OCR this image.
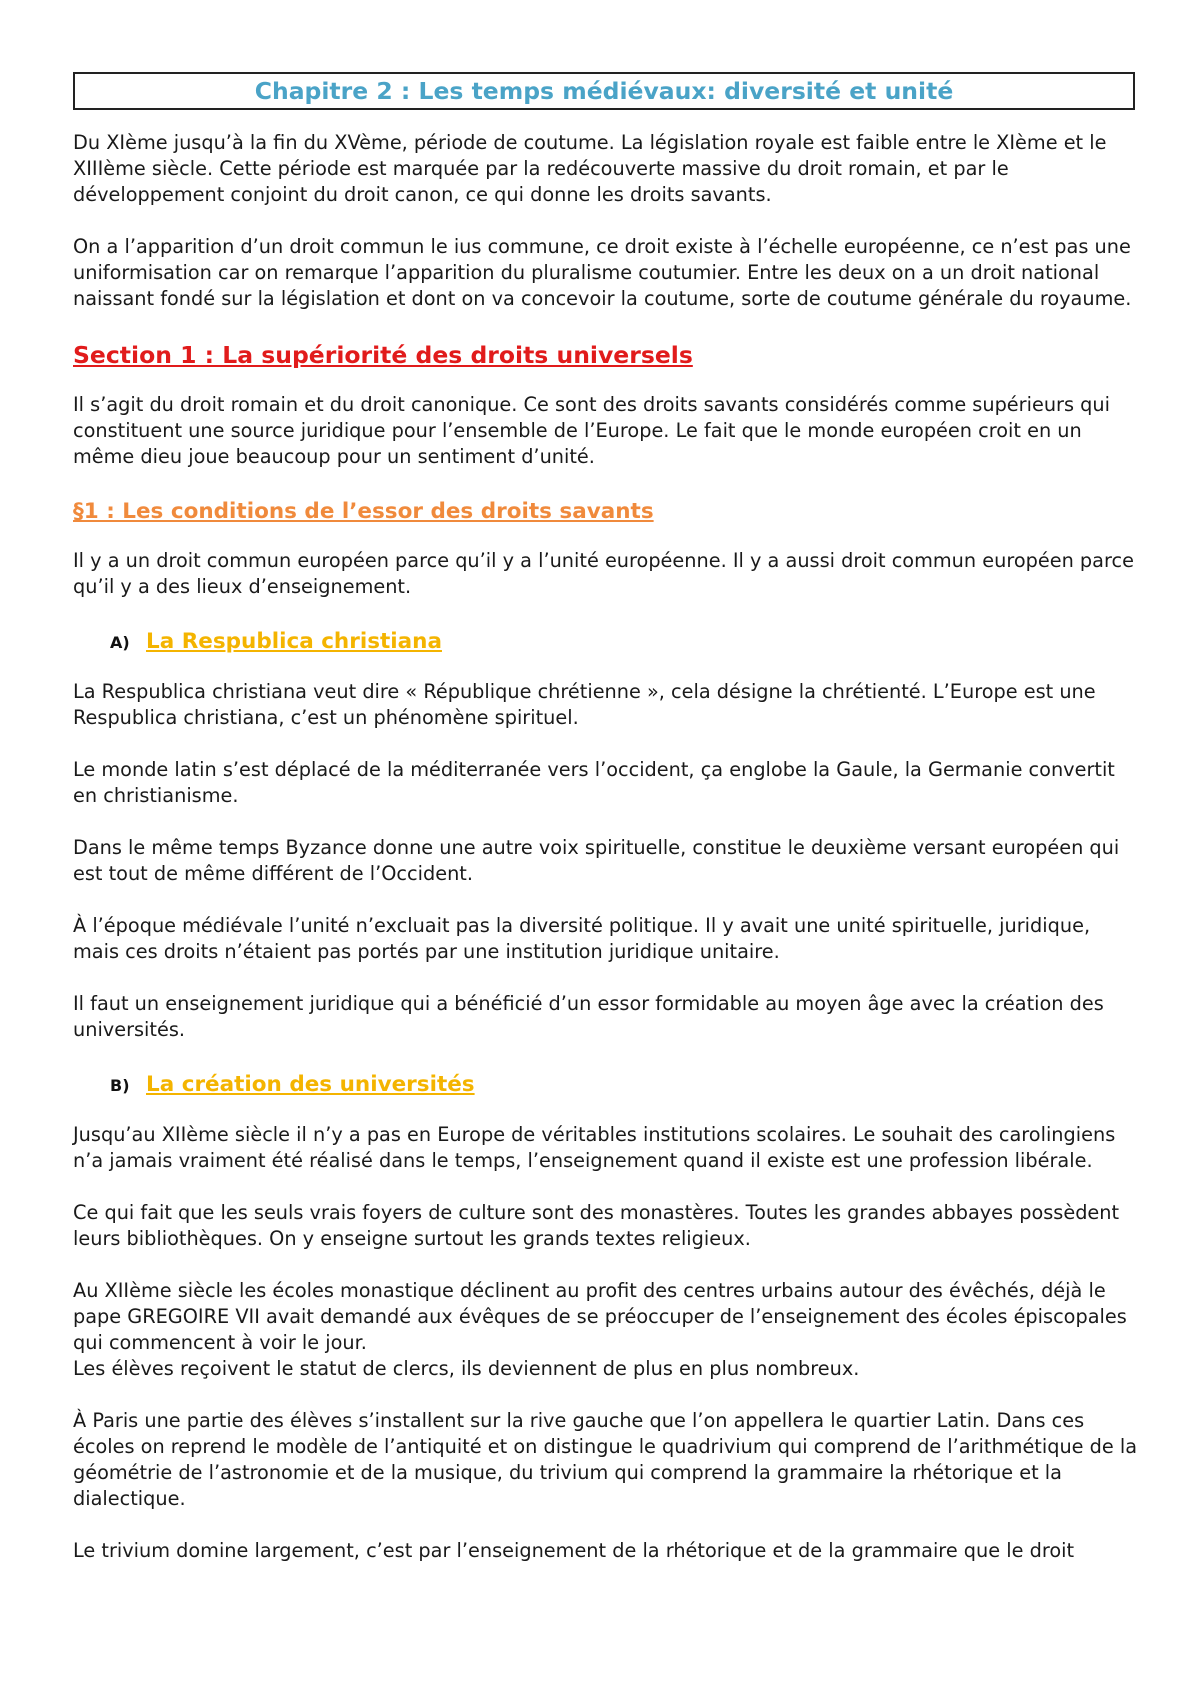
Chapitre 2 : Les temps médiévaux: diversité et unité

Du XIème jusqu’à la fin du XVème, période de coutume. La législation royale est faible entre le XIème et le XIIIème siècle. Cette période est marquée par la redécouverte massive du droit romain, et par le développement conjoint du droit canon, ce qui donne les droits savants.

On a l’apparition d’un droit commun le ius commune, ce droit existe à l’échelle européenne, ce n’est pas une uniformisation car on remarque l’apparition du pluralisme coutumier. Entre les deux on a un droit national naissant fondé sur la législation et dont on va concevoir la coutume, sorte de coutume générale du royaume.

Section 1 : La supériorité des droits universels

Il s’agit du droit romain et du droit canonique. Ce sont des droits savants considérés comme supérieurs qui constituent une source juridique pour l’ensemble de l’Europe. Le fait que le monde européen croit en un même dieu joue beaucoup pour un sentiment d’unité.

§1 : Les conditions de l’essor des droits savants

Il y a un droit commun européen parce qu’il y a l’unité européenne. Il y a aussi droit commun européen parce qu’il y a des lieux d’enseignement.

A) La Respublica christiana

La Respublica christiana veut dire « République chrétienne », cela désigne la chrétienté. L’Europe est une Respublica christiana, c’est un phénomène spirituel.

Le monde latin s’est déplacé de la méditerranée vers l’occident, ça englobe la Gaule, la Germanie convertit en christianisme.

Dans le même temps Byzance donne une autre voix spirituelle, constitue le deuxième versant européen qui est tout de même différent de l’Occident.

À l’époque médiévale l’unité n’excluait pas la diversité politique. Il y avait une unité spirituelle, juridique, mais ces droits n’étaient pas portés par une institution juridique unitaire.

Il faut un enseignement juridique qui a bénéficié d’un essor formidable au moyen âge avec la création des universités.

B) La création des universités

Jusqu’au XIIème siècle il n’y a pas en Europe de véritables institutions scolaires. Le souhait des carolingiens n’a jamais vraiment été réalisé dans le temps, l’enseignement quand il existe est une profession libérale.

Ce qui fait que les seuls vrais foyers de culture sont des monastères. Toutes les grandes abbayes possèdent leurs bibliothèques. On y enseigne surtout les grands textes religieux.

Au XIIème siècle les écoles monastique déclinent au profit des centres urbains autour des évêchés, déjà le pape GREGOIRE VII avait demandé aux évêques de se préoccuper de l’enseignement des écoles épiscopales qui commencent à voir le jour.

Les élèves reçoivent le statut de clercs, ils deviennent de plus en plus nombreux.

À Paris une partie des élèves s’installent sur la rive gauche que l’on appellera le quartier Latin. Dans ces écoles on reprend le modèle de l’antiquité et on distingue le quadrivium qui comprend de l’arithmétique de la géométrie de l’astronomie et de la musique, du trivium qui comprend la grammaire la rhétorique et la dialectique.

Le trivium domine largement, c’est par l’enseignement de la rhétorique et de la grammaire que le droit
